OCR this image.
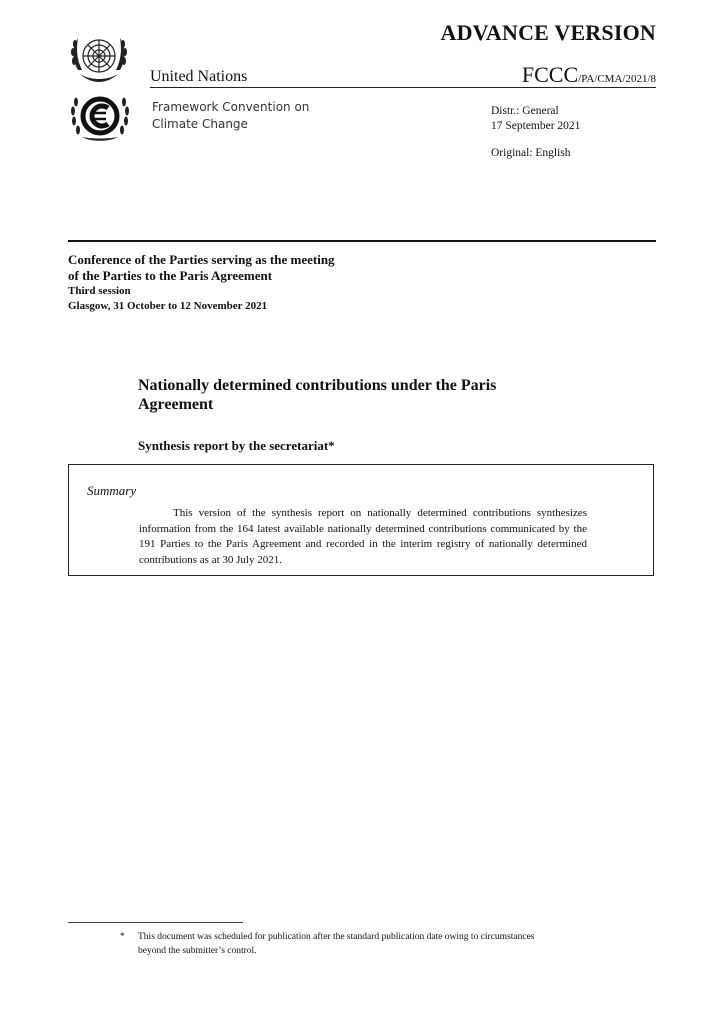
ADVANCE VERSION
United Nations	FCCC/PA/CMA/2021/8
Framework Convention on
Climate Change
Distr.: General
17 September 2021
Original: English
Conference of the Parties serving as the meeting
of the Parties to the Paris Agreement
Third session
Glasgow, 31 October to 12 November 2021
Nationally determined contributions under the Paris Agreement
Synthesis report by the secretariat*
Summary
This version of the synthesis report on nationally determined contributions synthesizes information from the 164 latest available nationally determined contributions communicated by the 191 Parties to the Paris Agreement and recorded in the interim registry of nationally determined contributions as at 30 July 2021.
*	This document was scheduled for publication after the standard publication date owing to circumstances beyond the submitter’s control.
